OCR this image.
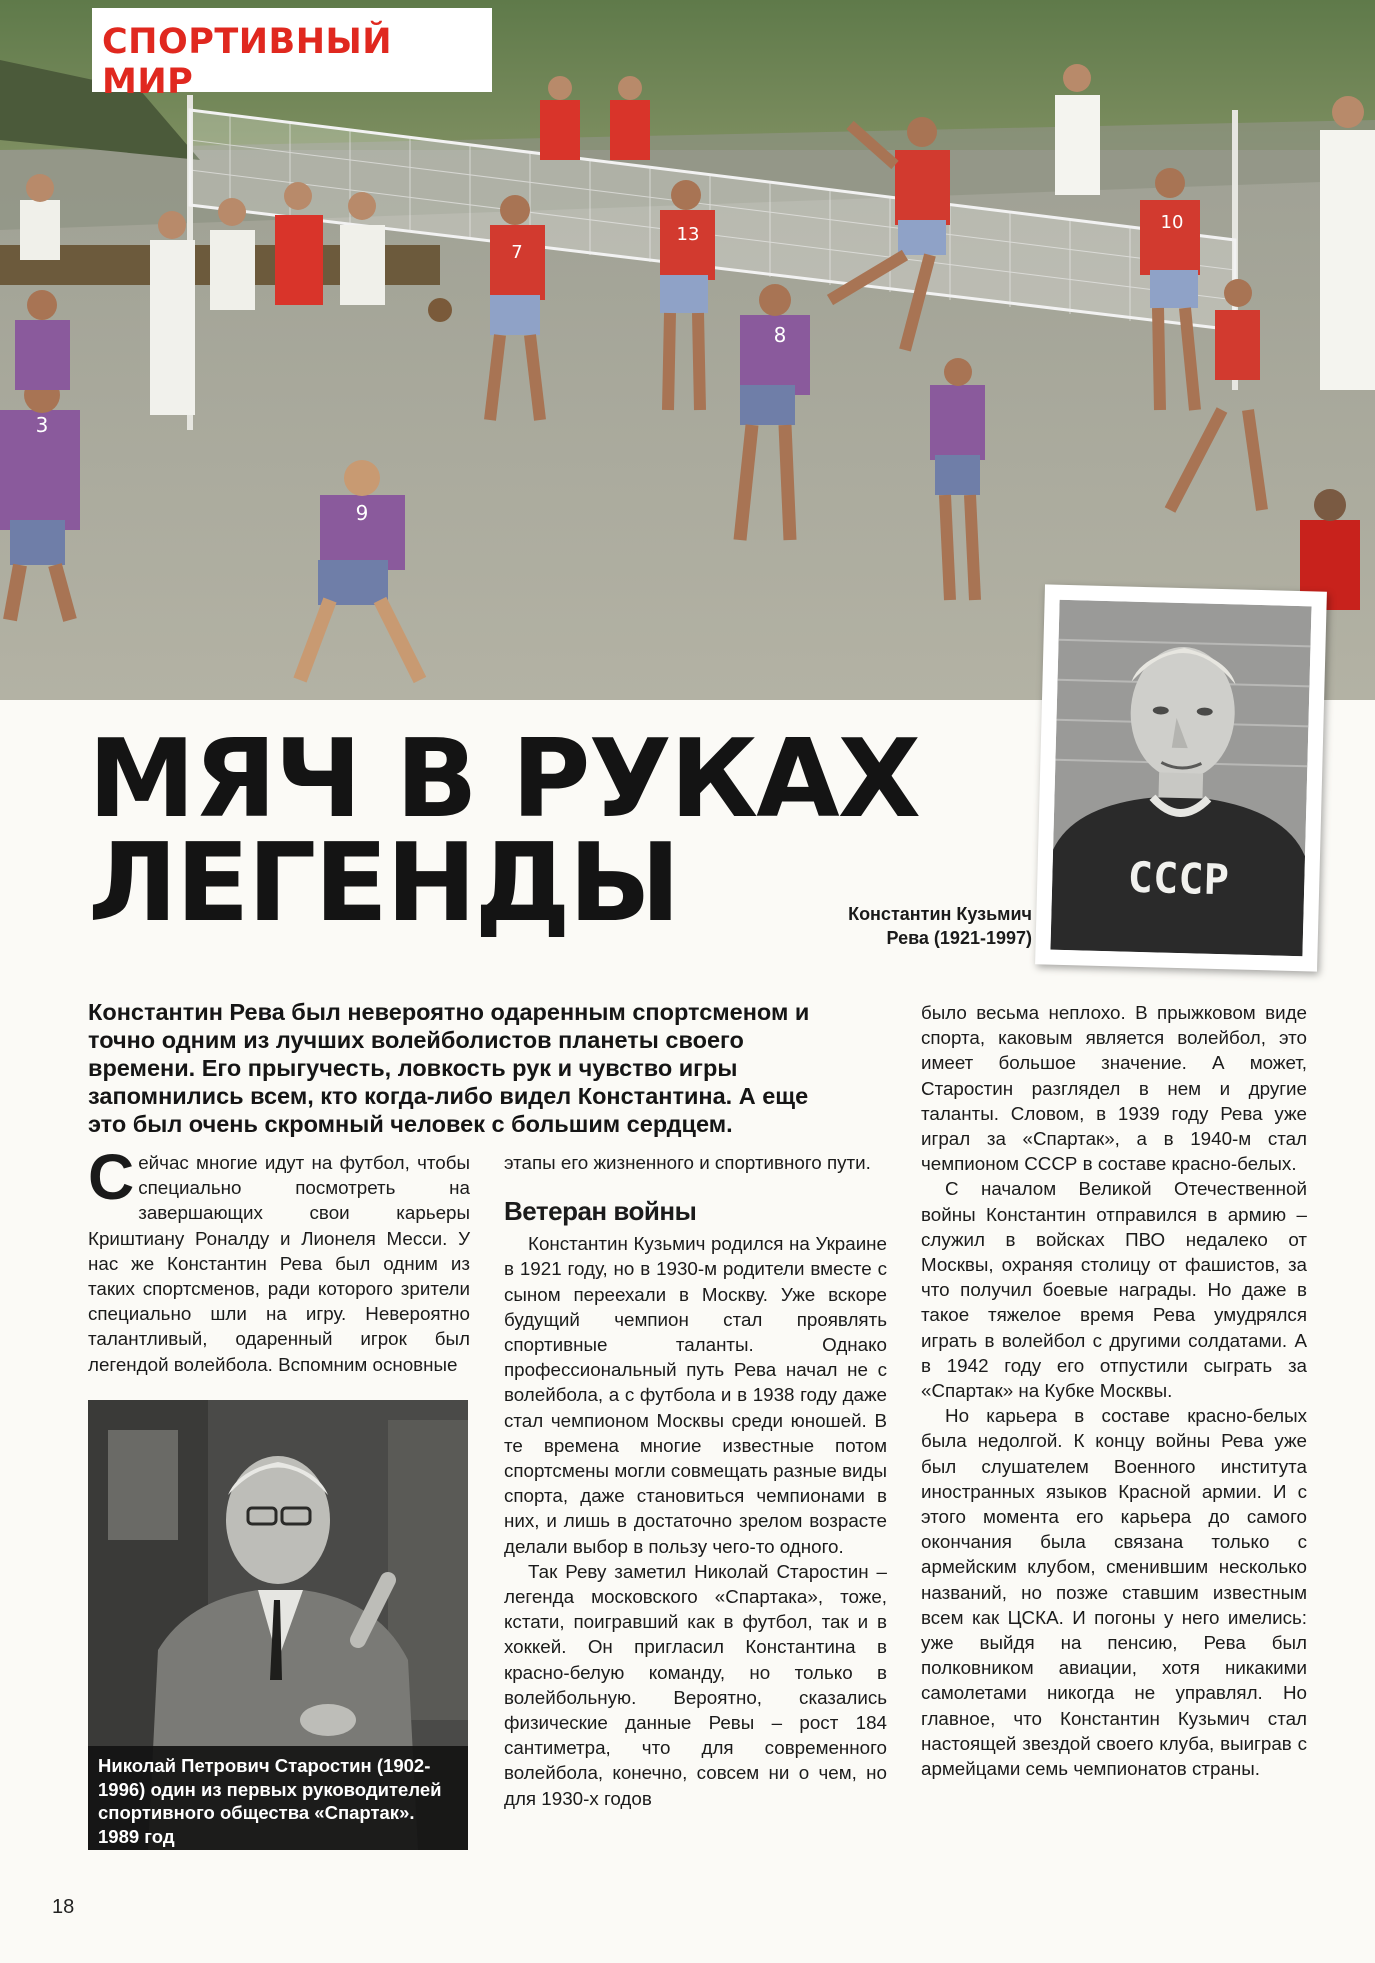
3
9
8
7
13
10
СПОРТИВНЫЙ МИР
МЯЧ В РУКАХ
ЛЕГЕНДЫ	СССР
Константин Кузьмич
Рева (1921-1997)
Константин Рева был невероятно одаренным спортсменом и точно одним из лучших волейболистов планеты своего времени. Его прыгучесть, ловкость рук и чувство игры запомнились всем, кто когда-либо видел Константина. А еще это был очень скромный человек с большим сердцем.

Сейчас многие идут на футбол, чтобы специально посмотреть на завершающих свои карьеры Криштиану Роналду и Лионеля Месси. У нас же Константин Рева был одним из таких спортсменов, ради которого зрители специально шли на игру. Невероятно талантливый, одаренный игрок был легендой волейбола. Вспомним основные

Николай Петрович Старостин (1902-1996) один из первых руководителей спортивного общества «Спартак». 1989 год

этапы его жизненного и спортивного пути.

Ветеран войны

Константин Кузьмич родился на Украине в 1921 году, но в 1930-м родители вместе с сыном переехали в Москву. Уже вскоре будущий чемпион стал проявлять спортивные таланты. Однако профессиональный путь Рева начал не с волейбола, а с футбола и в 1938 году даже стал чемпионом Москвы среди юношей. В те времена многие известные потом спортсмены могли совмещать разные виды спорта, даже становиться чемпионами в них, и лишь в достаточно зрелом возрасте делали выбор в пользу чего-то одного.

Так Реву заметил Николай Старостин – легенда московского «Спартака», тоже, кстати, поигравший как в футбол, так и в хоккей. Он пригласил Константина в красно-белую команду, но только в волейбольную. Вероятно, сказались физические данные Ревы – рост 184 сантиметра, что для современного волейбола, конечно, совсем ни о чем, но для 1930-х годов

было весьма неплохо. В прыжковом виде спорта, каковым является волейбол, это имеет большое значение. А может, Старостин разглядел в нем и другие таланты. Словом, в 1939 году Рева уже играл за «Спартак», а в 1940-м стал чемпионом СССР в составе красно-белых.

С началом Великой Отечественной войны Константин отправился в армию – служил в войсках ПВО недалеко от Москвы, охраняя столицу от фашистов, за что получил боевые награды. Но даже в такое тяжелое время Рева умудрялся играть в волейбол с другими солдатами. А в 1942 году его отпустили сыграть за «Спартак» на Кубке Москвы.

Но карьера в составе красно-белых была недолгой. К концу войны Рева уже был слушателем Военного института иностранных языков Красной армии. И с этого момента его карьера до самого окончания была связана только с армейским клубом, сменившим несколько названий, но позже ставшим известным всем как ЦСКА. И погоны у него имелись: уже выйдя на пенсию, Рева был полковником авиации, хотя никакими самолетами никогда не управлял. Но главное, что Константин Кузьмич стал настоящей звездой своего клуба, выиграв с армейцами семь чемпионатов страны.

18
